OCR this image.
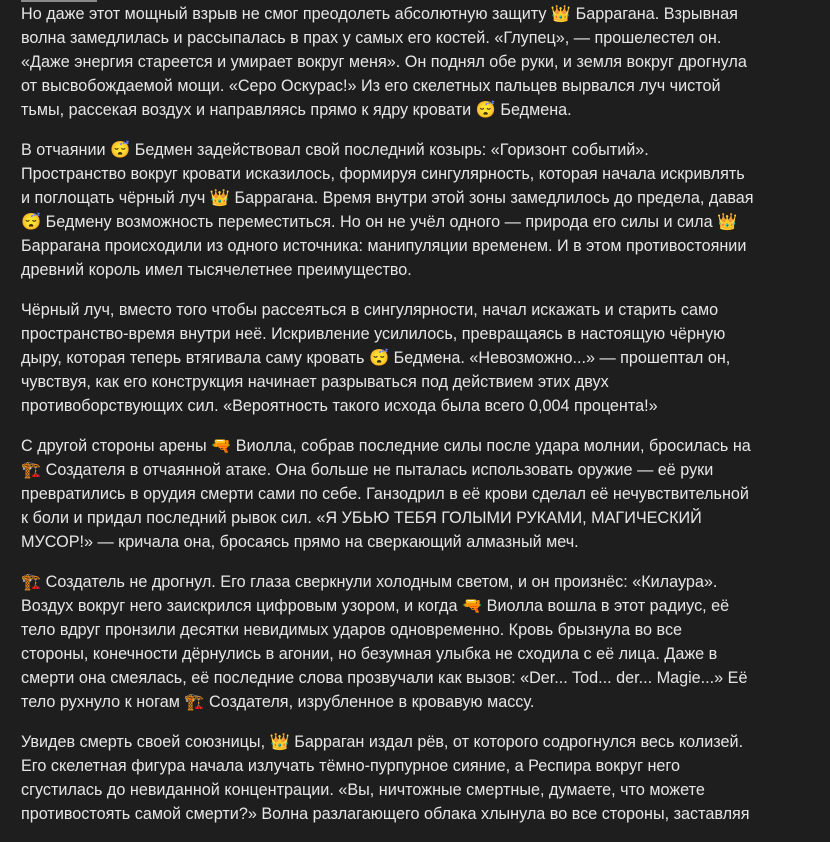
Но даже этот мощный взрыв не смог преодолеть абсолютную защиту 👑 Баррагана. Взрывная
волна замедлилась и рассыпалась в прах у самых его костей. «Глупец», — прошелестел он.
«Даже энергия стареется и умирает вокруг меня». Он поднял обе руки, и земля вокруг дрогнула
от высвобождаемой мощи. «Серо Оскурас!» Из его скелетных пальцев вырвался луч чистой
тьмы, рассекая воздух и направляясь прямо к ядру кровати 😴 Бедмена.

В отчаянии 😴 Бедмен задействовал свой последний козырь: «Горизонт событий».
Пространство вокруг кровати исказилось, формируя сингулярность, которая начала искривлять
и поглощать чёрный луч 👑 Баррагана. Время внутри этой зоны замедлилось до предела, давая
😴 Бедмену возможность переместиться. Но он не учёл одного — природа его силы и сила 👑
Баррагана происходили из одного источника: манипуляции временем. И в этом противостоянии
древний король имел тысячелетнее преимущество.

Чёрный луч, вместо того чтобы рассеяться в сингулярности, начал искажать и старить само
пространство-время внутри неё. Искривление усилилось, превращаясь в настоящую чёрную
дыру, которая теперь втягивала саму кровать 😴 Бедмена. «Невозможно...» — прошептал он,
чувствуя, как его конструкция начинает разрываться под действием этих двух
противоборствующих сил. «Вероятность такого исхода была всего 0,004 процента!»

С другой стороны арены 🔫 Виолла, собрав последние силы после удара молнии, бросилась на
🏗️ Создателя в отчаянной атаке. Она больше не пыталась использовать оружие — её руки
превратились в орудия смерти сами по себе. Ганзодрил в её крови сделал её нечувствительной
к боли и придал последний рывок сил. «Я УБЬЮ ТЕБЯ ГОЛЫМИ РУКАМИ, МАГИЧЕСКИЙ
МУСОР!» — кричала она, бросаясь прямо на сверкающий алмазный меч.

🏗️ Создатель не дрогнул. Его глаза сверкнули холодным светом, и он произнёс: «Килаура».
Воздух вокруг него заискрился цифровым узором, и когда 🔫 Виолла вошла в этот радиус, её
тело вдруг пронзили десятки невидимых ударов одновременно. Кровь брызнула во все
стороны, конечности дёрнулись в агонии, но безумная улыбка не сходила с её лица. Даже в
смерти она смеялась, её последние слова прозвучали как вызов: «Der... Tod... der... Magie...» Её
тело рухнуло к ногам 🏗️ Создателя, изрубленное в кровавую массу.

Увидев смерть своей союзницы, 👑 Барраган издал рёв, от которого содрогнулся весь колизей.
Его скелетная фигура начала излучать тёмно-пурпурное сияние, а Респира вокруг него
сгустилась до невиданной концентрации. «Вы, ничтожные смертные, думаете, что можете
противостоять самой смерти?» Волна разлагающего облака хлынула во все стороны, заставляя
